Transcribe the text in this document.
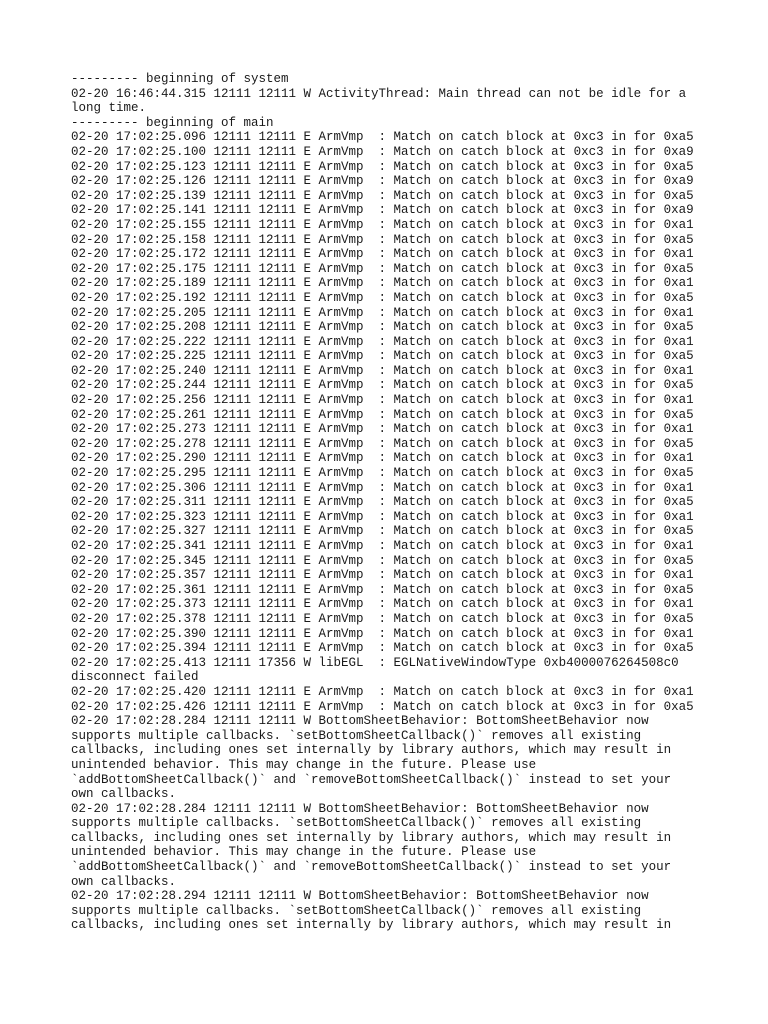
--------- beginning of system
02-20 16:46:44.315 12111 12111 W ActivityThread: Main thread can not be idle for a
long time.
--------- beginning of main
02-20 17:02:25.096 12111 12111 E ArmVmp  : Match on catch block at 0xc3 in for 0xa5
02-20 17:02:25.100 12111 12111 E ArmVmp  : Match on catch block at 0xc3 in for 0xa9
02-20 17:02:25.123 12111 12111 E ArmVmp  : Match on catch block at 0xc3 in for 0xa5
02-20 17:02:25.126 12111 12111 E ArmVmp  : Match on catch block at 0xc3 in for 0xa9
02-20 17:02:25.139 12111 12111 E ArmVmp  : Match on catch block at 0xc3 in for 0xa5
02-20 17:02:25.141 12111 12111 E ArmVmp  : Match on catch block at 0xc3 in for 0xa9
02-20 17:02:25.155 12111 12111 E ArmVmp  : Match on catch block at 0xc3 in for 0xa1
02-20 17:02:25.158 12111 12111 E ArmVmp  : Match on catch block at 0xc3 in for 0xa5
02-20 17:02:25.172 12111 12111 E ArmVmp  : Match on catch block at 0xc3 in for 0xa1
02-20 17:02:25.175 12111 12111 E ArmVmp  : Match on catch block at 0xc3 in for 0xa5
02-20 17:02:25.189 12111 12111 E ArmVmp  : Match on catch block at 0xc3 in for 0xa1
02-20 17:02:25.192 12111 12111 E ArmVmp  : Match on catch block at 0xc3 in for 0xa5
02-20 17:02:25.205 12111 12111 E ArmVmp  : Match on catch block at 0xc3 in for 0xa1
02-20 17:02:25.208 12111 12111 E ArmVmp  : Match on catch block at 0xc3 in for 0xa5
02-20 17:02:25.222 12111 12111 E ArmVmp  : Match on catch block at 0xc3 in for 0xa1
02-20 17:02:25.225 12111 12111 E ArmVmp  : Match on catch block at 0xc3 in for 0xa5
02-20 17:02:25.240 12111 12111 E ArmVmp  : Match on catch block at 0xc3 in for 0xa1
02-20 17:02:25.244 12111 12111 E ArmVmp  : Match on catch block at 0xc3 in for 0xa5
02-20 17:02:25.256 12111 12111 E ArmVmp  : Match on catch block at 0xc3 in for 0xa1
02-20 17:02:25.261 12111 12111 E ArmVmp  : Match on catch block at 0xc3 in for 0xa5
02-20 17:02:25.273 12111 12111 E ArmVmp  : Match on catch block at 0xc3 in for 0xa1
02-20 17:02:25.278 12111 12111 E ArmVmp  : Match on catch block at 0xc3 in for 0xa5
02-20 17:02:25.290 12111 12111 E ArmVmp  : Match on catch block at 0xc3 in for 0xa1
02-20 17:02:25.295 12111 12111 E ArmVmp  : Match on catch block at 0xc3 in for 0xa5
02-20 17:02:25.306 12111 12111 E ArmVmp  : Match on catch block at 0xc3 in for 0xa1
02-20 17:02:25.311 12111 12111 E ArmVmp  : Match on catch block at 0xc3 in for 0xa5
02-20 17:02:25.323 12111 12111 E ArmVmp  : Match on catch block at 0xc3 in for 0xa1
02-20 17:02:25.327 12111 12111 E ArmVmp  : Match on catch block at 0xc3 in for 0xa5
02-20 17:02:25.341 12111 12111 E ArmVmp  : Match on catch block at 0xc3 in for 0xa1
02-20 17:02:25.345 12111 12111 E ArmVmp  : Match on catch block at 0xc3 in for 0xa5
02-20 17:02:25.357 12111 12111 E ArmVmp  : Match on catch block at 0xc3 in for 0xa1
02-20 17:02:25.361 12111 12111 E ArmVmp  : Match on catch block at 0xc3 in for 0xa5
02-20 17:02:25.373 12111 12111 E ArmVmp  : Match on catch block at 0xc3 in for 0xa1
02-20 17:02:25.378 12111 12111 E ArmVmp  : Match on catch block at 0xc3 in for 0xa5
02-20 17:02:25.390 12111 12111 E ArmVmp  : Match on catch block at 0xc3 in for 0xa1
02-20 17:02:25.394 12111 12111 E ArmVmp  : Match on catch block at 0xc3 in for 0xa5
02-20 17:02:25.413 12111 17356 W libEGL  : EGLNativeWindowType 0xb4000076264508c0
disconnect failed
02-20 17:02:25.420 12111 12111 E ArmVmp  : Match on catch block at 0xc3 in for 0xa1
02-20 17:02:25.426 12111 12111 E ArmVmp  : Match on catch block at 0xc3 in for 0xa5
02-20 17:02:28.284 12111 12111 W BottomSheetBehavior: BottomSheetBehavior now
supports multiple callbacks. `setBottomSheetCallback()` removes all existing
callbacks, including ones set internally by library authors, which may result in
unintended behavior. This may change in the future. Please use
`addBottomSheetCallback()` and `removeBottomSheetCallback()` instead to set your
own callbacks.
02-20 17:02:28.284 12111 12111 W BottomSheetBehavior: BottomSheetBehavior now
supports multiple callbacks. `setBottomSheetCallback()` removes all existing
callbacks, including ones set internally by library authors, which may result in
unintended behavior. This may change in the future. Please use
`addBottomSheetCallback()` and `removeBottomSheetCallback()` instead to set your
own callbacks.
02-20 17:02:28.294 12111 12111 W BottomSheetBehavior: BottomSheetBehavior now
supports multiple callbacks. `setBottomSheetCallback()` removes all existing
callbacks, including ones set internally by library authors, which may result in
